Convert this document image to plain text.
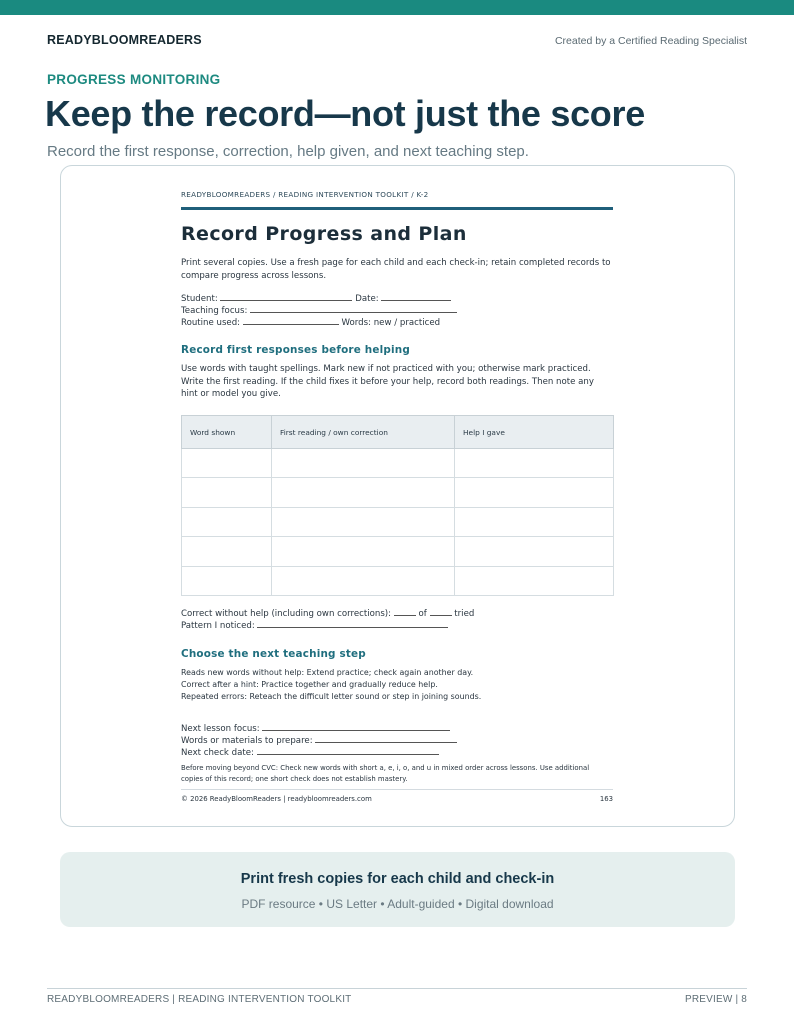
READYBLOOMREADERS	Created by a Certified Reading Specialist
PROGRESS MONITORING
Keep the record—not just the score
Record the first response, correction, help given, and next teaching step.
READYBLOOMREADERS / READING INTERVENTION TOOLKIT / K-2
Record Progress and Plan
Print several copies. Use a fresh page for each child and each check-in; retain completed records to compare progress across lessons.
Student:	Date:
Teaching focus:
Routine used:	Words: new / practiced
Record first responses before helping
Use words with taught spellings. Mark new if not practiced with you; otherwise mark practiced. Write the first reading. If the child fixes it before your help, record both readings. Then note any hint or model you give.
Word shown	First reading / own correction	Help I gave

Correct without help (including own corrections):	of	tried
Pattern I noticed:
Choose the next teaching step
Reads new words without help: Extend practice; check again another day.
Correct after a hint: Practice together and gradually reduce help.
Repeated errors: Reteach the difficult letter sound or step in joining sounds.
Next lesson focus:
Words or materials to prepare:
Next check date:
Before moving beyond CVC: Check new words with short a, e, i, o, and u in mixed order across lessons. Use additional copies of this record; one short check does not establish mastery.
© 2026 ReadyBloomReaders | readybloomreaders.com	163
Print fresh copies for each child and check-in
PDF resource • US Letter • Adult-guided • Digital download
READYBLOOMREADERS | READING INTERVENTION TOOLKIT	PREVIEW | 8
